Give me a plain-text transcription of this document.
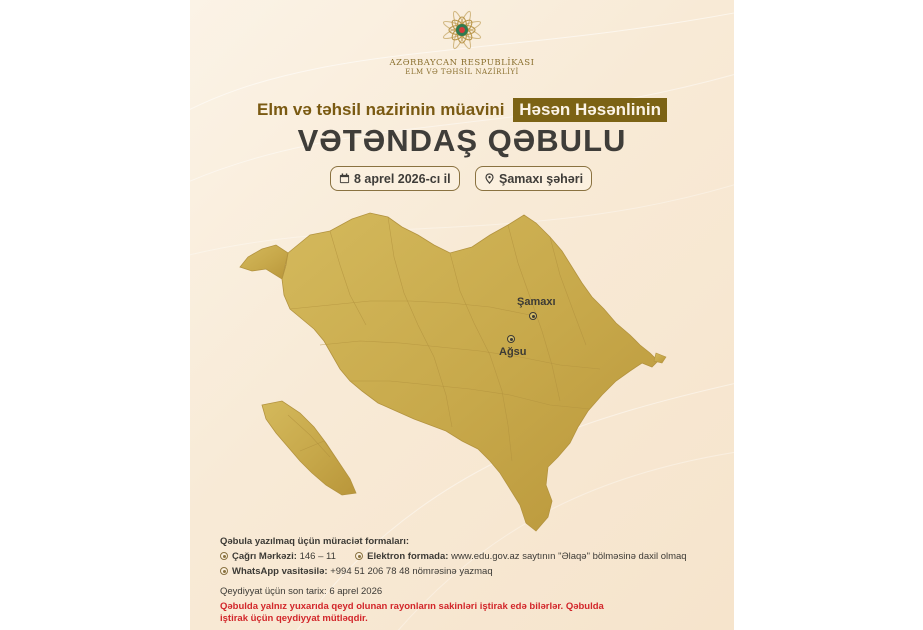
AZƏRBAYCAN RESPUBLİKASI
ELM VƏ TƏHSİL NAZİRLİYİ
Elm və təhsil nazirinin müavini Həsən Həsənlinin
VƏTƏNDAŞ QƏBULU
8 aprel 2026-cı il	Şamaxı şəhəri
Şamaxı
Ağsu
Qəbula yazılmaq üçün müraciət formaları:
Çağrı Mərkəzi: 146 – 11	Elektron formada: www.edu.gov.az saytının "Əlaqə" bölməsinə daxil olmaq
WhatsApp vasitəsilə: +994 51 206 78 48 nömrəsinə yazmaq
Qeydiyyat üçün son tarix: 6 aprel 2026
Qəbulda yalnız yuxarıda qeyd olunan rayonların sakinləri iştirak edə bilərlər. Qəbulda
iştirak üçün qeydiyyat mütləqdir.
